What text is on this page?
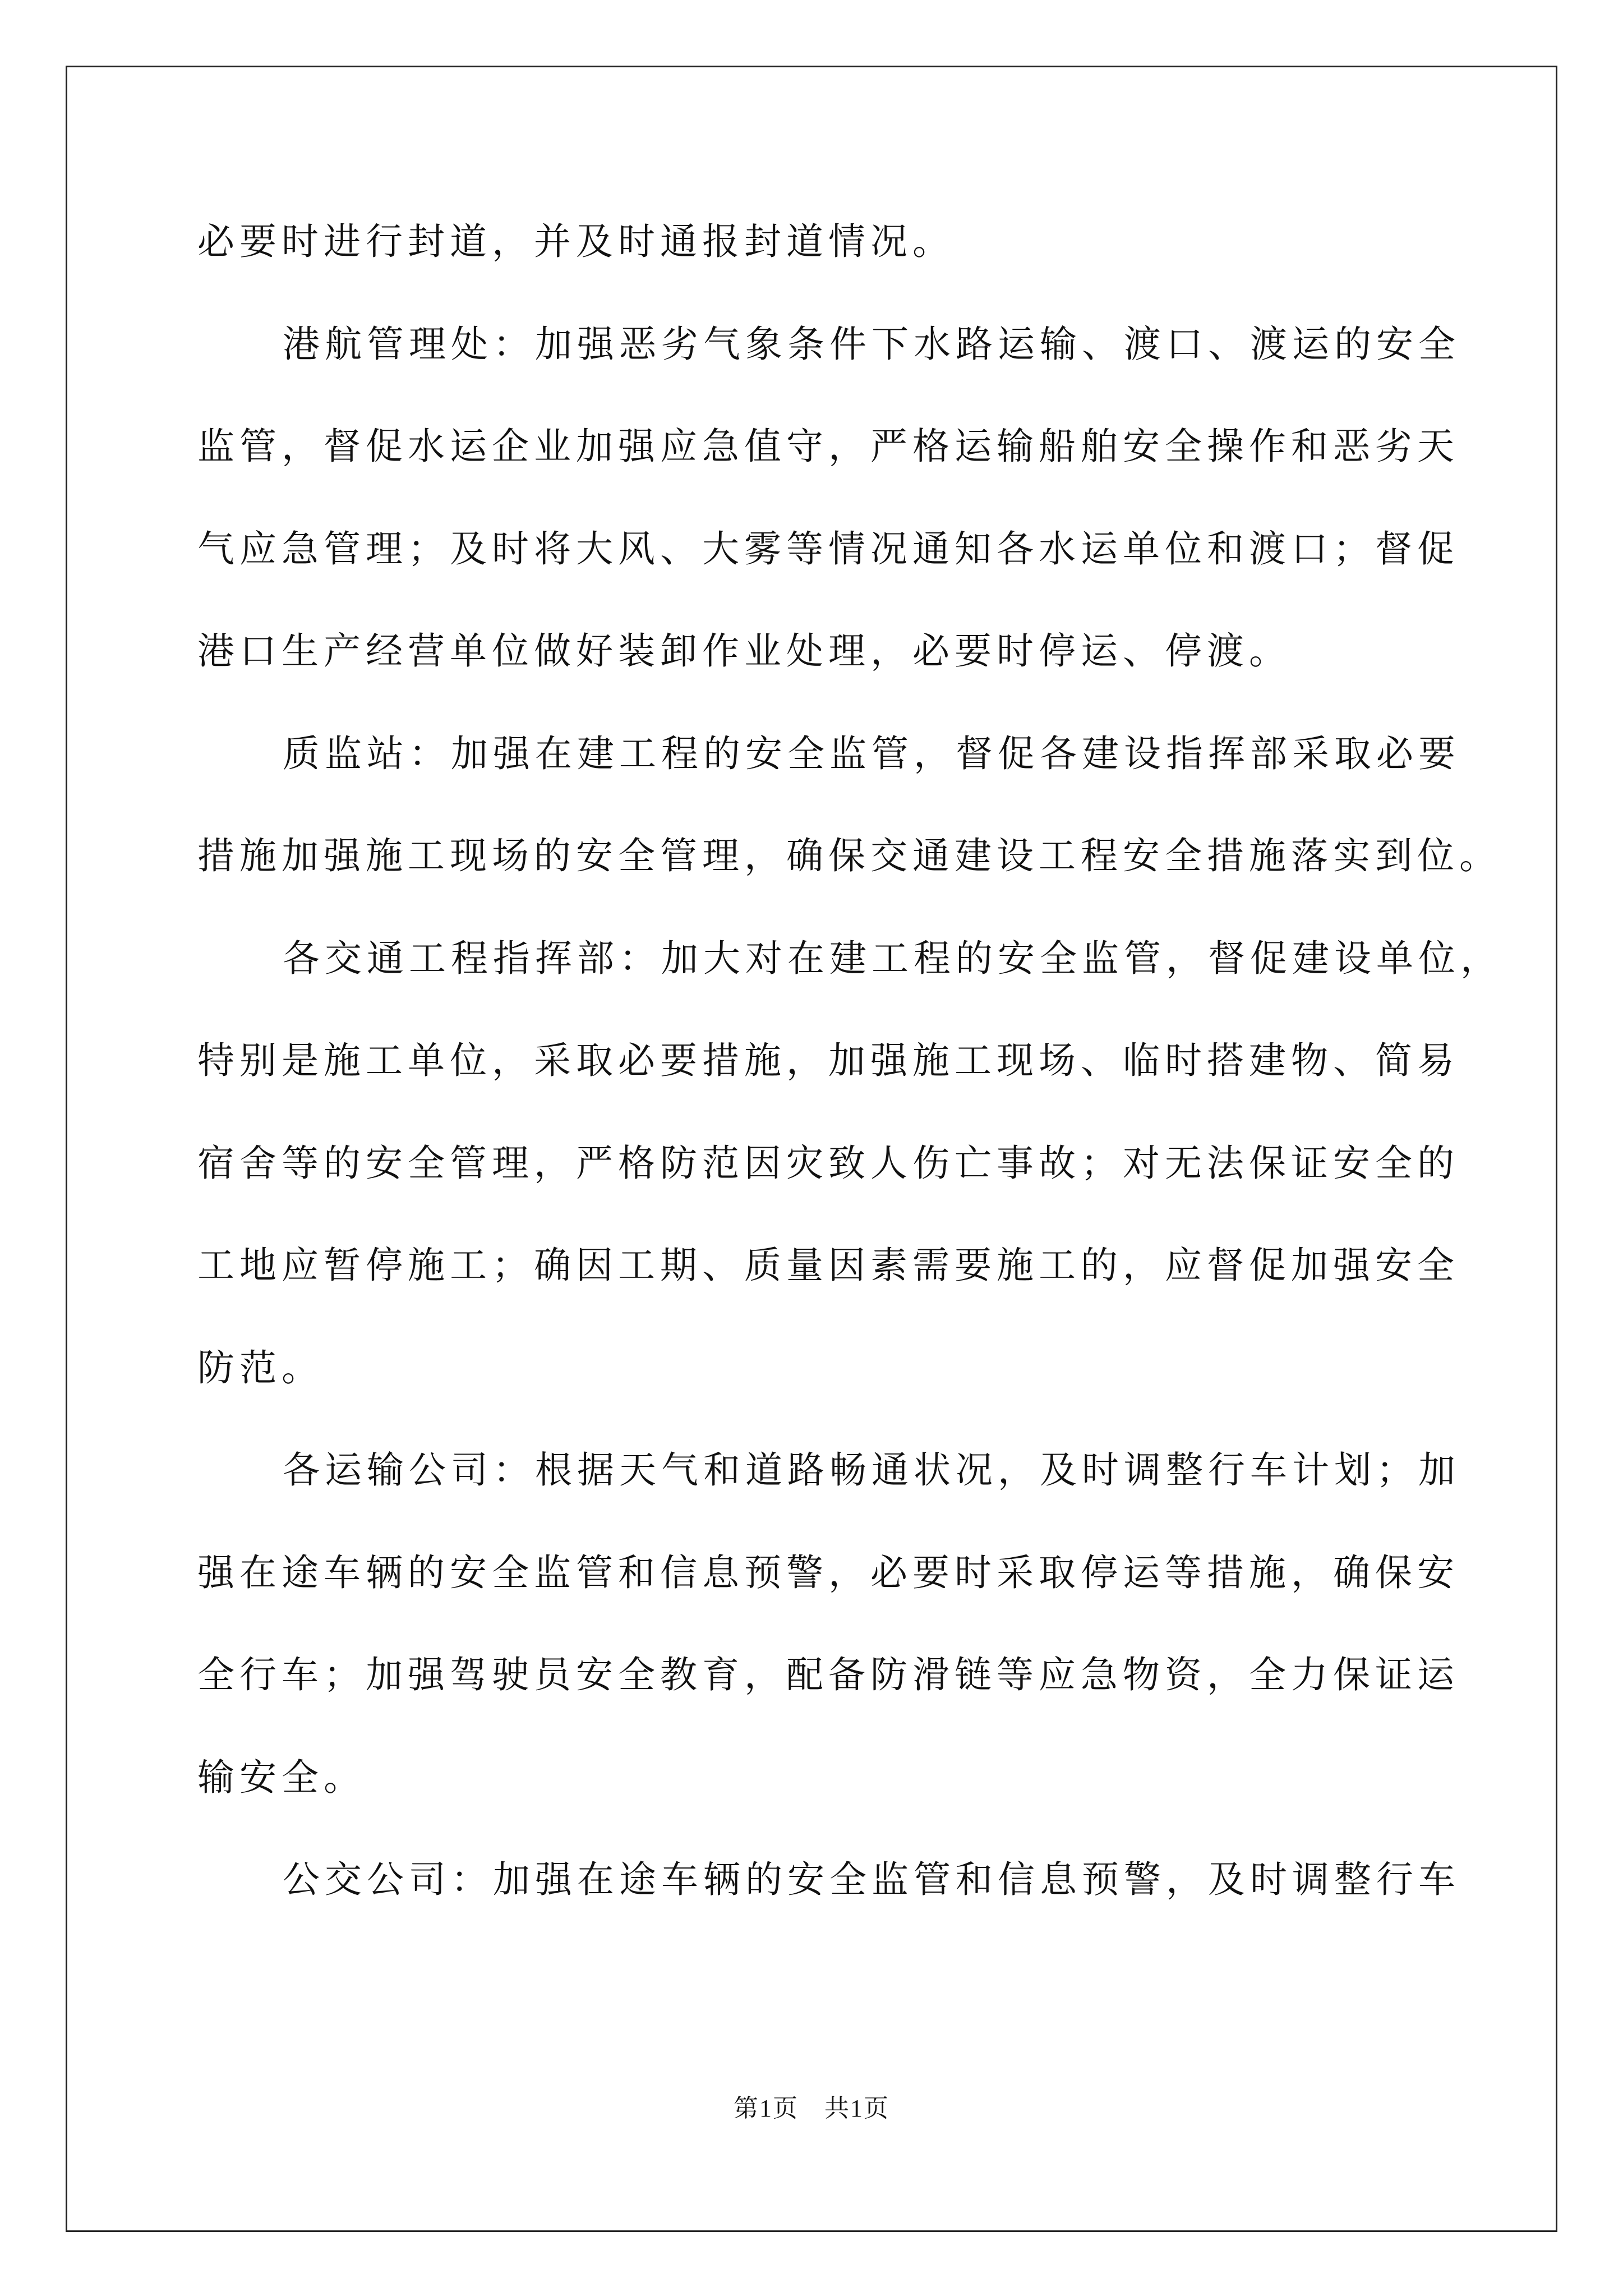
必要时进行封道，并及时通报封道情况。
港航管理处：加强恶劣气象条件下水路运输、渡口、渡运的安全
监管，督促水运企业加强应急值守，严格运输船舶安全操作和恶劣天
气应急管理；及时将大风、大雾等情况通知各水运单位和渡口；督促
港口生产经营单位做好装卸作业处理，必要时停运、停渡。
质监站：加强在建工程的安全监管，督促各建设指挥部采取必要
措施加强施工现场的安全管理，确保交通建设工程安全措施落实到位。
各交通工程指挥部：加大对在建工程的安全监管，督促建设单位，
特别是施工单位，采取必要措施，加强施工现场、临时搭建物、简易
宿舍等的安全管理，严格防范因灾致人伤亡事故；对无法保证安全的
工地应暂停施工；确因工期、质量因素需要施工的，应督促加强安全
防范。
各运输公司：根据天气和道路畅通状况，及时调整行车计划；加
强在途车辆的安全监管和信息预警，必要时采取停运等措施，确保安
全行车；加强驾驶员安全教育，配备防滑链等应急物资，全力保证运
输安全。
公交公司：加强在途车辆的安全监管和信息预警，及时调整行车
第1页　共1页
